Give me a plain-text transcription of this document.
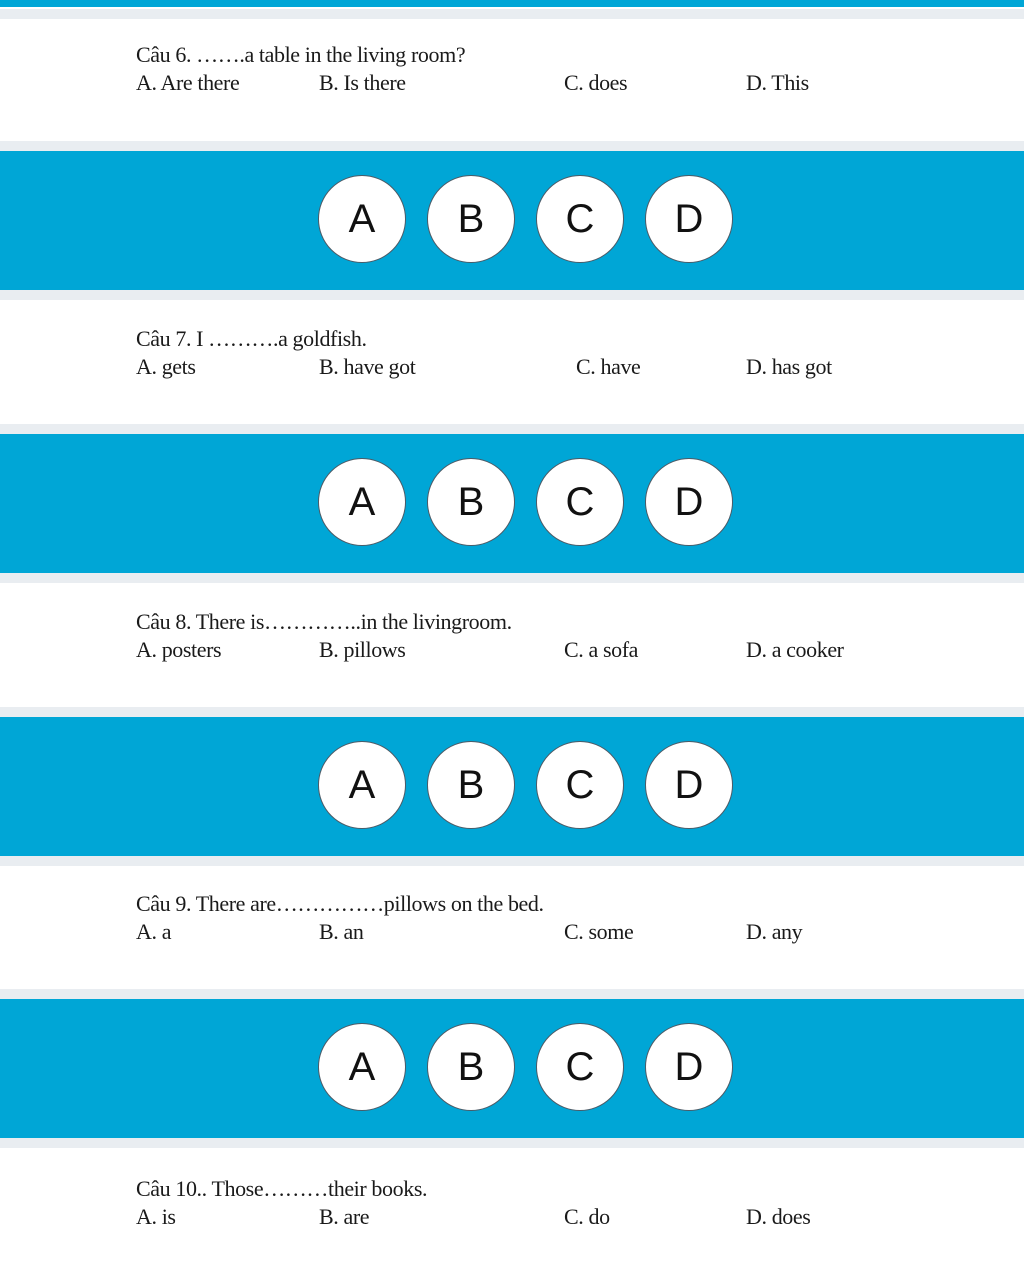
Câu 6. …….a table in the living room?
A. Are there	B. Is there	C. does	D. This
A	B	C	D
Câu 7. I ……….a goldfish.
A. gets	B. have got	C. have	D. has got
A	B	C	D
Câu 8. There is…………..in the livingroom.
A. posters	B. pillows	C. a sofa	D. a cooker
A	B	C	D
Câu 9. There are……………pillows on the bed.
A. a	B. an	C. some	D. any
A	B	C	D
Câu 10.. Those………their books.
A. is	B. are	C. do	D. does
